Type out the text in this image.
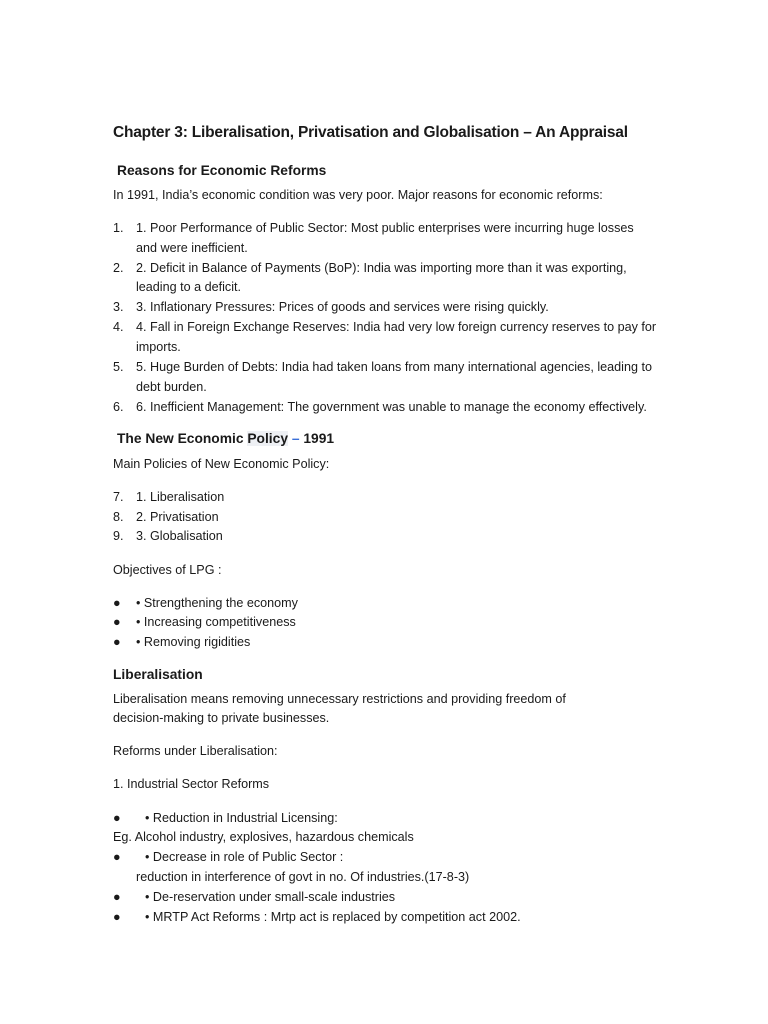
Chapter 3: Liberalisation, Privatisation and Globalisation – An Appraisal
Reasons for Economic Reforms
In 1991, India’s economic condition was very poor. Major reasons for economic reforms:
1. 1. Poor Performance of Public Sector: Most public enterprises were incurring huge losses
and were inefficient.
2. 2. Deficit in Balance of Payments (BoP): India was importing more than it was exporting,
leading to a deficit.
3. 3. Inflationary Pressures: Prices of goods and services were rising quickly.
4. 4. Fall in Foreign Exchange Reserves: India had very low foreign currency reserves to pay for
imports.
5. 5. Huge Burden of Debts: India had taken loans from many international agencies, leading to
debt burden.
6. 6. Inefficient Management: The government was unable to manage the economy effectively.
The New Economic Policy – 1991
Main Policies of New Economic Policy:
7. 1. Liberalisation
8. 2. Privatisation
9. 3. Globalisation
Objectives of LPG :
● • Strengthening the economy
● • Increasing competitiveness
● • Removing rigidities
Liberalisation
Liberalisation means removing unnecessary restrictions and providing freedom of
decision-making to private businesses.
Reforms under Liberalisation:
1. Industrial Sector Reforms
● • Reduction in Industrial Licensing:
Eg. Alcohol industry, explosives, hazardous chemicals
● • Decrease in role of Public Sector :
reduction in interference of govt in no. Of industries.(17-8-3)
● • De-reservation under small-scale industries
● • MRTP Act Reforms : Mrtp act is replaced by competition act 2002.
